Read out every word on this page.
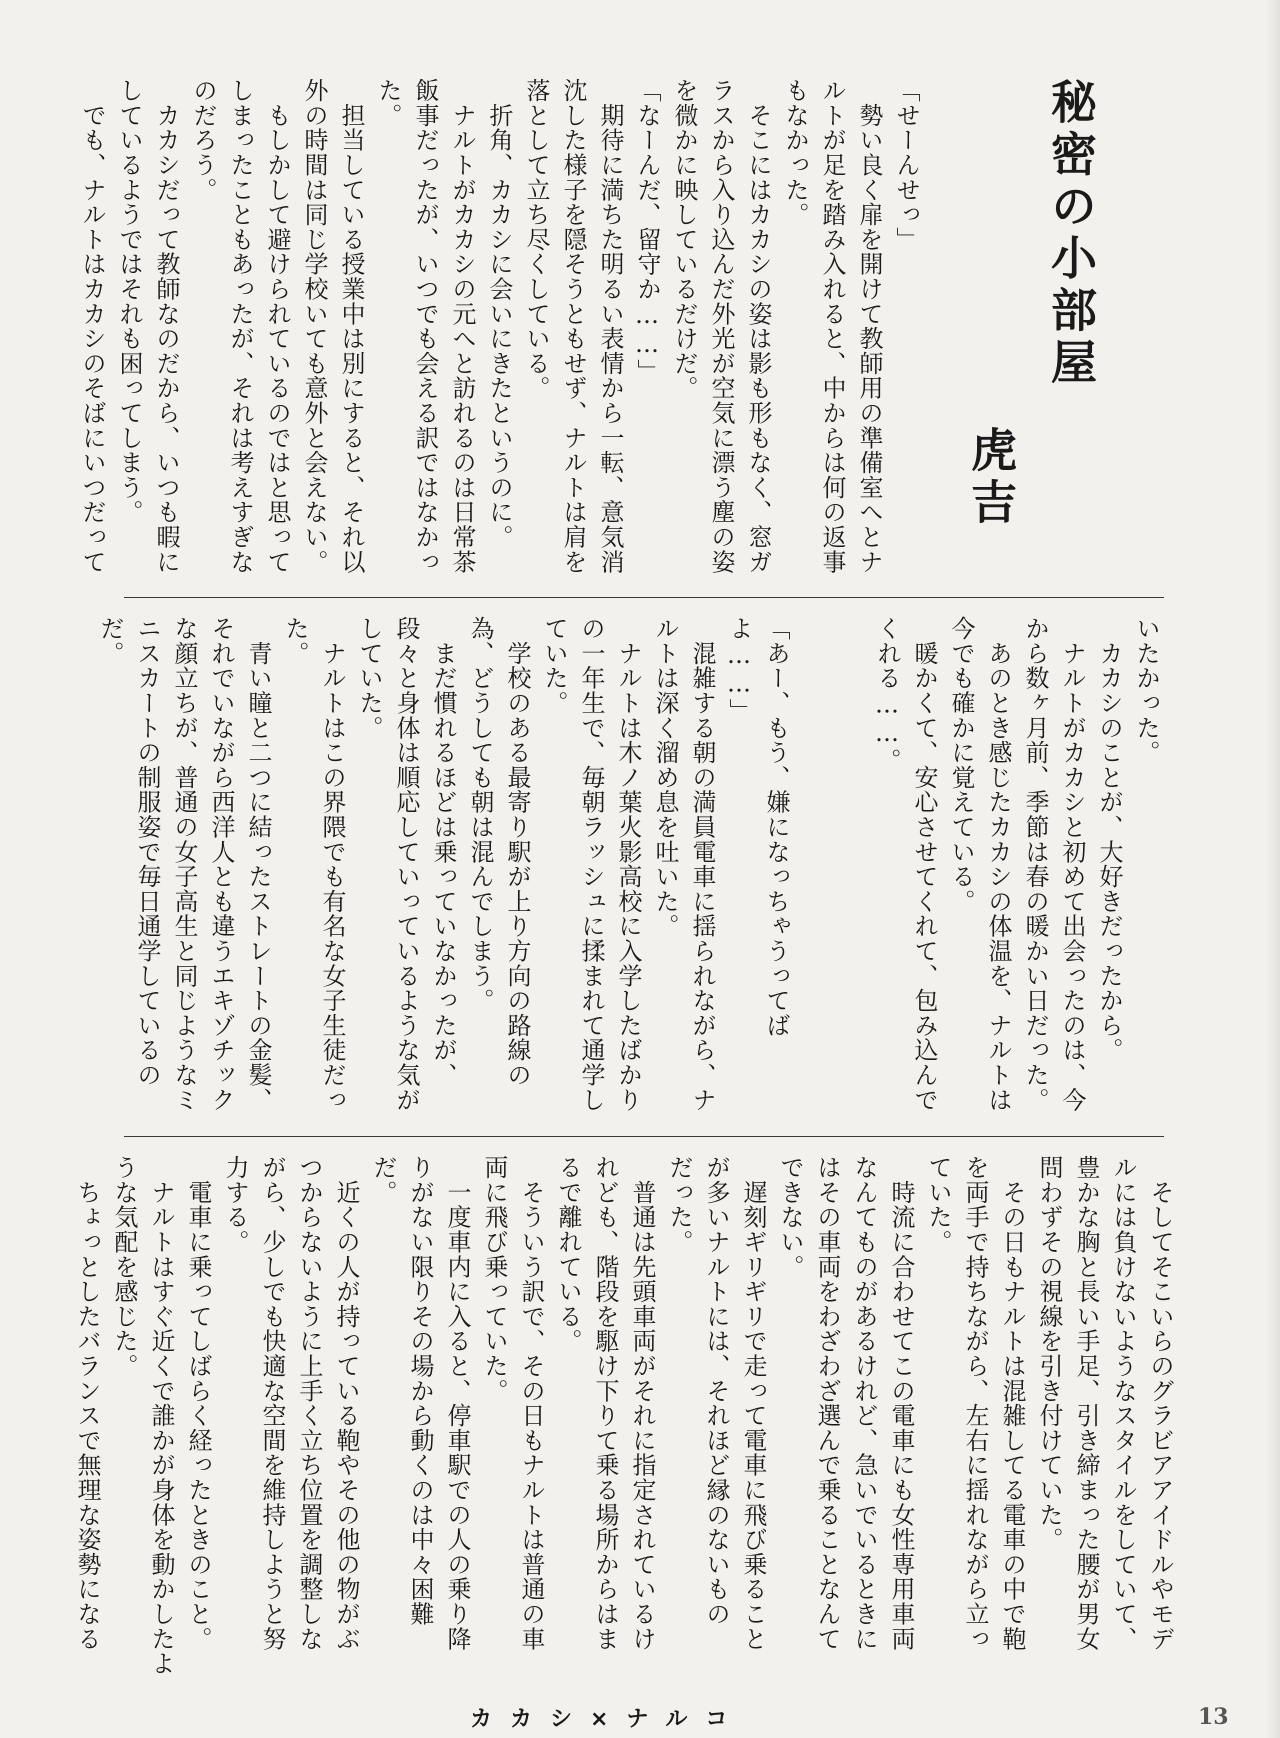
秘密の小部屋
虎吉
「せーんせっ」
　勢い良く扉を開けて教師用の準備室へとナ
ルトが足を踏み入れると、中からは何の返事
もなかった。
　そこにはカカシの姿は影も形もなく、窓ガ
ラスから入り込んだ外光が空気に漂う塵の姿
を微かに映しているだけだ。
「なーんだ、留守か……」
　期待に満ちた明るい表情から一転、意気消
沈した様子を隠そうともせず、ナルトは肩を
落として立ち尽くしている。
　折角、カカシに会いにきたというのに。
　ナルトがカカシの元へと訪れるのは日常茶
飯事だったが、いつでも会える訳ではなかっ
た。
　担当している授業中は別にすると、それ以
外の時間は同じ学校いても意外と会えない。
　もしかして避けられているのではと思って
しまったこともあったが、それは考えすぎな
のだろう。
　カカシだって教師なのだから、いつも暇に
しているようではそれも困ってしまう。
　でも、ナルトはカカシのそばにいつだって
いたかった。
　カカシのことが、大好きだったから。
　ナルトがカカシと初めて出会ったのは、今
から数ヶ月前、季節は春の暖かい日だった。
　あのとき感じたカカシの体温を、ナルトは
今でも確かに覚えている。
　暖かくて、安心させてくれて、包み込んで
くれる……。

「あー、もう、嫌になっちゃうってば
よ……」
　混雑する朝の満員電車に揺られながら、ナ
ルトは深く溜め息を吐いた。
　ナルトは木ノ葉火影高校に入学したばかり
の一年生で、毎朝ラッシュに揉まれて通学し
ていた。
　学校のある最寄り駅が上り方向の路線の
為、どうしても朝は混んでしまう。
　まだ慣れるほどは乗っていなかったが、
段々と身体は順応していっているような気が
していた。
　ナルトはこの界隈でも有名な女子生徒だっ
た。
　青い瞳と二つに結ったストレートの金髪、
それでいながら西洋人とも違うエキゾチック
な顔立ちが、普通の女子高生と同じようなミ
ニスカートの制服姿で毎日通学しているの
だ。
　そしてそこいらのグラビアアイドルやモデ
ルには負けないようなスタイルをしていて、
豊かな胸と長い手足、引き締まった腰が男女
問わずその視線を引き付けていた。
　その日もナルトは混雑してる電車の中で鞄
を両手で持ちながら、左右に揺れながら立っ
ていた。
　時流に合わせてこの電車にも女性専用車両
なんてものがあるけれど、急いでいるときに
はその車両をわざわざ選んで乗ることなんて
できない。
　遅刻ギリギリで走って電車に飛び乗ること
が多いナルトには、それほど縁のないもの
だった。
　普通は先頭車両がそれに指定されているけ
れども、階段を駆け下りて乗る場所からはま
るで離れている。
　そういう訳で、その日もナルトは普通の車
両に飛び乗っていた。
　一度車内に入ると、停車駅での人の乗り降
りがない限りその場から動くのは中々困難
だ。
　近くの人が持っている鞄やその他の物がぶ
つからないように上手く立ち位置を調整しな
がら、少しでも快適な空間を維持しようと努
力する。
　電車に乗ってしばらく経ったときのこと。
　ナルトはすぐ近くで誰かが身体を動かしたよ
うな気配を感じた。
　ちょっとしたバランスで無理な姿勢になる
カカシ×ナルコ	13
